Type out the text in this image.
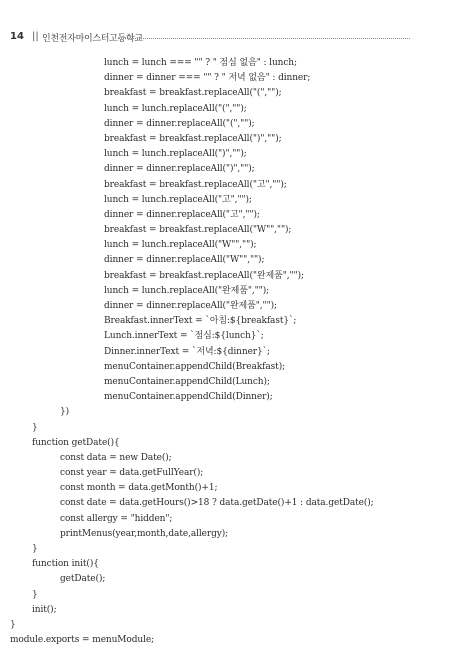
14 || 인천전자마이스터고등학교
lunch = lunch === "" ? " 점심 없음" : lunch;
dinner = dinner === "" ? " 저녁 없음" : dinner;
breakfast = breakfast.replaceAll("(","");
lunch = lunch.replaceAll("(","");
dinner = dinner.replaceAll("(","");
breakfast = breakfast.replaceAll(")","");
lunch = lunch.replaceAll(")","");
dinner = dinner.replaceAll(")","");
breakfast = breakfast.replaceAll("고","");
lunch = lunch.replaceAll("고","");
dinner = dinner.replaceAll("고","");
breakfast = breakfast.replaceAll("W"","");
lunch = lunch.replaceAll("W"","");
dinner = dinner.replaceAll("W"","");
breakfast = breakfast.replaceAll("완제품","");
lunch = lunch.replaceAll("완제품","");
dinner = dinner.replaceAll("완제품","");
Breakfast.innerText = `아침:${breakfast}`;
Lunch.innerText = `점심:${lunch}`;
Dinner.innerText = `저녁:${dinner}`;
menuContainer.appendChild(Breakfast);
menuContainer.appendChild(Lunch);
menuContainer.appendChild(Dinner);
})
}
function getDate(){
const data = new Date();
const year = data.getFullYear();
const month = data.getMonth()+1;
const date = data.getHours()>18 ? data.getDate()+1 : data.getDate();
const allergy = "hidden";
printMenus(year,month,date,allergy);
}
function init(){
getDate();
}
init();
}
module.exports = menuModule;
